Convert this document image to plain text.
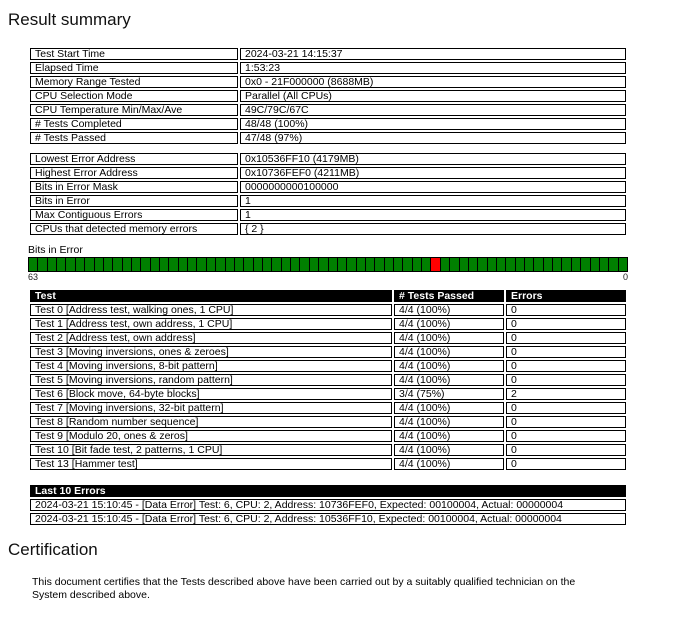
Result summary
Test Start Time	2024-03-21 14:15:37
Elapsed Time	1:53:23
Memory Range Tested	0x0 - 21F000000 (8688MB)
CPU Selection Mode	Parallel (All CPUs)
CPU Temperature Min/Max/Ave	49C/79C/67C
# Tests Completed	48/48 (100%)
# Tests Passed	47/48 (97%)
Lowest Error Address	0x10536FF10 (4179MB)
Highest Error Address	0x10736FEF0 (4211MB)
Bits in Error Mask	0000000000100000
Bits in Error	1
Max Contiguous Errors	1
CPUs that detected memory errors	{ 2 }
Bits in Error
63	0
Test	# Tests Passed	Errors
Test 0 [Address test, walking ones, 1 CPU]	4/4 (100%)	0
Test 1 [Address test, own address, 1 CPU]	4/4 (100%)	0
Test 2 [Address test, own address]	4/4 (100%)	0
Test 3 [Moving inversions, ones & zeroes]	4/4 (100%)	0
Test 4 [Moving inversions, 8-bit pattern]	4/4 (100%)	0
Test 5 [Moving inversions, random pattern]	4/4 (100%)	0
Test 6 [Block move, 64-byte blocks]	3/4 (75%)	2
Test 7 [Moving inversions, 32-bit pattern]	4/4 (100%)	0
Test 8 [Random number sequence]	4/4 (100%)	0
Test 9 [Modulo 20, ones & zeros]	4/4 (100%)	0
Test 10 [Bit fade test, 2 patterns, 1 CPU]	4/4 (100%)	0
Test 13 [Hammer test]	4/4 (100%)	0
Last 10 Errors
2024-03-21 15:10:45 - [Data Error] Test: 6, CPU: 2, Address: 10736FEF0, Expected: 00100004, Actual: 00000004
2024-03-21 15:10:45 - [Data Error] Test: 6, CPU: 2, Address: 10536FF10, Expected: 00100004, Actual: 00000004
Certification

This document certifies that the Tests described above have been carried out by a suitably qualified technician on the System described above.
